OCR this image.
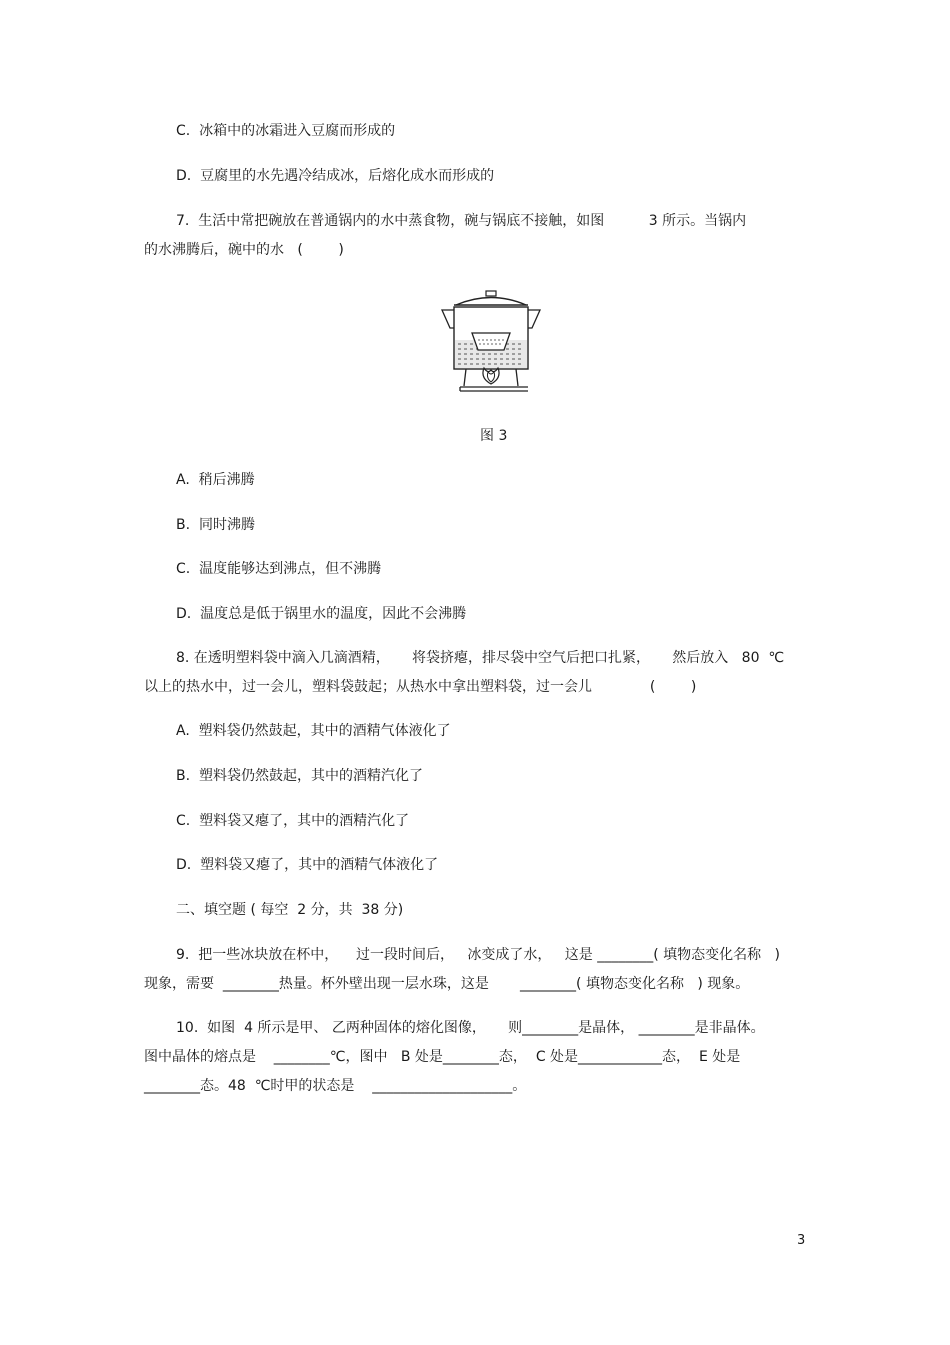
C.  冰箱中的冰霜进入豆腐而形成的
D.  豆腐里的水先遇冷结成冰，后熔化成水而形成的
7.  生活中常把碗放在普通锅内的水中蒸食物，碗与锅底不接触，如图          3 所示。当锅内
的水沸腾后，碗中的水   (        )
图 3
A.  稍后沸腾
B.  同时沸腾
C.  温度能够达到沸点，但不沸腾
D.  温度总是低于锅里水的温度，因此不会沸腾
8. 在透明塑料袋中滴入几滴酒精，     将袋挤瘪，排尽袋中空气后把口扎紧，     然后放入   80  ℃
以上的热水中，过一会儿，塑料袋鼓起；从热水中拿出塑料袋，过一会儿             (        )
A.  塑料袋仍然鼓起，其中的酒精气体液化了
B.  塑料袋仍然鼓起，其中的酒精汽化了
C.  塑料袋又瘪了，其中的酒精汽化了
D.  塑料袋又瘪了，其中的酒精气体液化了
二、填空题 ( 每空  2 分，共  38 分)
9.  把一些冰块放在杯中，    过一段时间后，   冰变成了水，   这是 ________( 填物态变化名称   )
现象，需要  ________热量。杯外壁出现一层水珠，这是       ________( 填物态变化名称   ) 现象。
10.  如图  4 所示是甲、 乙两种固体的熔化图像，     则________是晶体， ________是非晶体。
图中晶体的熔点是    ________℃，图中   B 处是________态，  C 处是____________态，  E 处是
________态。48  ℃时甲的状态是    ____________________。
3
